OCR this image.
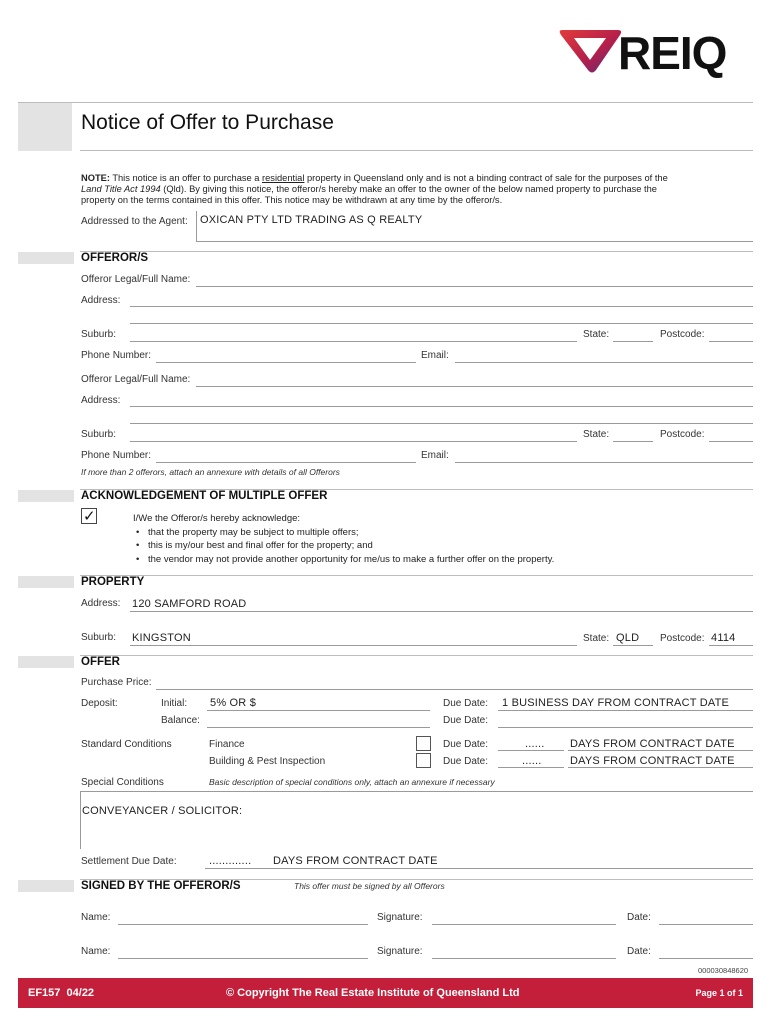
REIQ
Notice of Offer to Purchase
NOTE: This notice is an offer to purchase a residential property in Queensland only and is not a binding contract of sale for the purposes of the
Land Title Act 1994 (Qld). By giving this notice, the offeror/s hereby make an offer to the owner of the below named property to purchase the
property on the terms contained in this offer. This notice may be withdrawn at any time by the offeror/s.
Addressed to the Agent: OXICAN PTY LTD TRADING AS Q REALTY
OFFEROR/S
Offeror Legal/Full Name:
Address:
Suburb:	State:	Postcode:
Phone Number:	Email:
Offeror Legal/Full Name:
Address:
Suburb:	State:	Postcode:
Phone Number:	Email:
If more than 2 offerors, attach an annexure with details of all Offerors
ACKNOWLEDGEMENT OF MULTIPLE OFFER
✓	I/We the Offeror/s hereby acknowledge:
• that the property may be subject to multiple offers;
• this is my/our best and final offer for the property; and
• the vendor may not provide another opportunity for me/us to make a further offer on the property.
PROPERTY
Address: 120 SAMFORD ROAD
Suburb: KINGSTON	State: QLD Postcode: 4114
OFFER
Purchase Price:
Deposit:	Initial: 5% OR $	Due Date: 1 BUSINESS DAY FROM CONTRACT DATE
Balance:	Due Date:
Standard Conditions	Finance	Due Date:	...... DAYS FROM CONTRACT DATE
Building & Pest Inspection	Due Date:	......	DAYS FROM CONTRACT DATE
Special Conditions	Basic description of special conditions only, attach an annexure if necessary
CONVEYANCER / SOLICITOR:
Settlement Due Date:	............. DAYS FROM CONTRACT DATE
SIGNED BY THE OFFEROR/S	This offer must be signed by all Offerors
Name:	Signature:	Date:
Name:	Signature:	Date:
000030848620
EF157  04/22	© Copyright The Real Estate Institute of Queensland Ltd	Page 1 of 1
